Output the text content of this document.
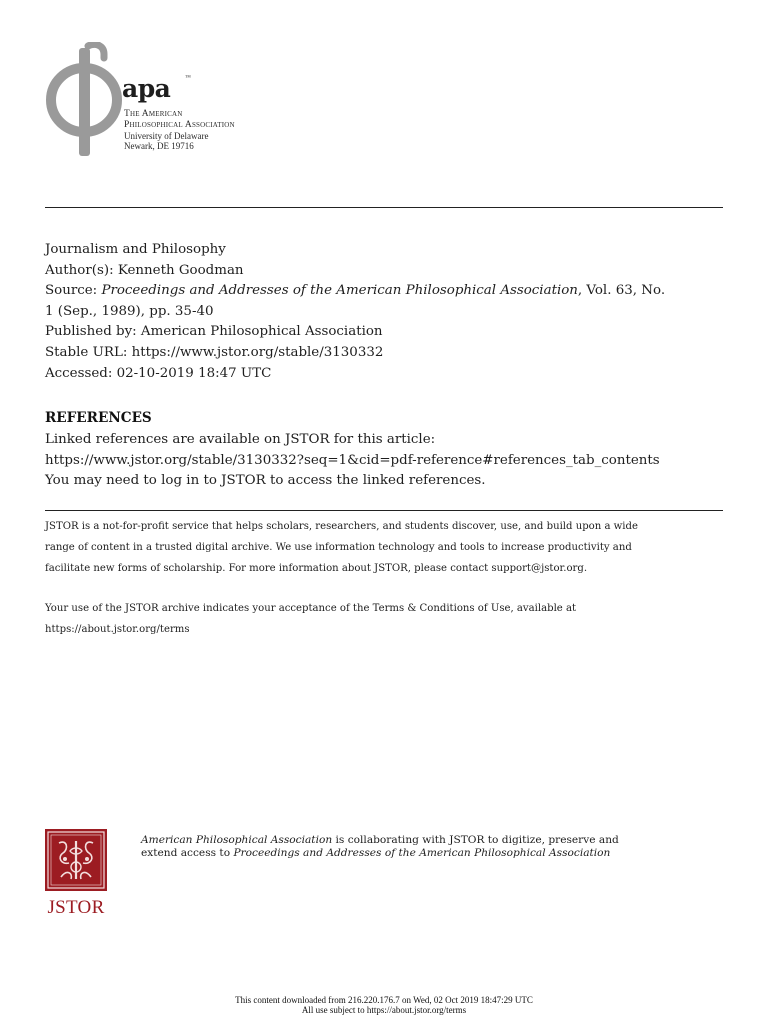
apa ™
The American
Philosophical Association
University of Delaware
Newark, DE 19716
Journalism and Philosophy
Author(s): Kenneth Goodman
Source: Proceedings and Addresses of the American Philosophical Association, Vol. 63, No.
1 (Sep., 1989), pp. 35-40
Published by: American Philosophical Association
Stable URL: https://www.jstor.org/stable/3130332
Accessed: 02-10-2019 18:47 UTC
REFERENCES
Linked references are available on JSTOR for this article:
https://www.jstor.org/stable/3130332?seq=1&cid=pdf-reference#references_tab_contents
You may need to log in to JSTOR to access the linked references.
JSTOR is a not-for-profit service that helps scholars, researchers, and students discover, use, and build upon a wide
range of content in a trusted digital archive. We use information technology and tools to increase productivity and
facilitate new forms of scholarship. For more information about JSTOR, please contact support@jstor.org.
Your use of the JSTOR archive indicates your acceptance of the Terms & Conditions of Use, available at
https://about.jstor.org/terms
JSTOR
American Philosophical Association is collaborating with JSTOR to digitize, preserve and
extend access to Proceedings and Addresses of the American Philosophical Association
This content downloaded from 216.220.176.7 on Wed, 02 Oct 2019 18:47:29 UTC
All use subject to https://about.jstor.org/terms
